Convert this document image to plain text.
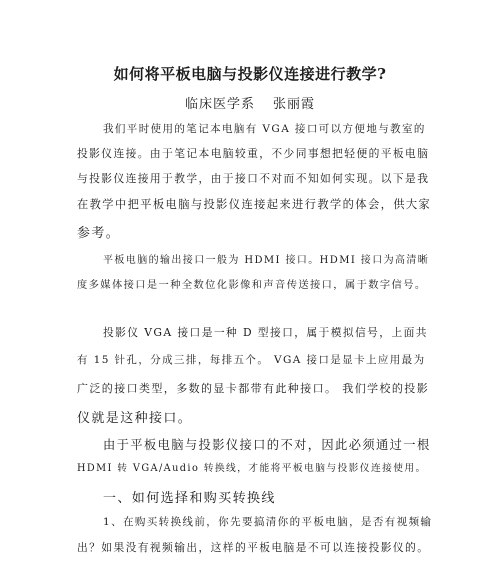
如何将平板电脑与投影仪连接进行教学?
临床医学系 张丽霞
我们平时使用的笔记本电脑有 VGA 接口可以方便地与教室的
投影仪连接。由于笔记本电脑较重，不少同事想把轻便的平板电脑
与投影仪连接用于教学，由于接口不对而不知如何实现。以下是我
在教学中把平板电脑与投影仪连接起来进行教学的体会，供大家
参考。
平板电脑的输出接口一般为 HDMI 接口。HDMI 接口为高清晰
度多媒体接口是一种全数位化影像和声音传送接口，属于数字信号。
投影仪 VGA 接口是一种 D 型接口，属于模拟信号，上面共
有 15 针孔，分成三排，每排五个。 VGA 接口是显卡上应用最为
广泛的接口类型，多数的显卡都带有此种接口。 我们学校的投影
仪就是这种接口。
由于平板电脑与投影仪接口的不对，因此必须通过一根
HDMI 转 VGA/Audio 转换线，才能将平板电脑与投影仪连接使用。
一、如何选择和购买转换线
1、在购买转换线前，你先要搞清你的平板电脑，是否有视频输
出？如果没有视频输出，这样的平板电脑是不可以连接投影仪的。
